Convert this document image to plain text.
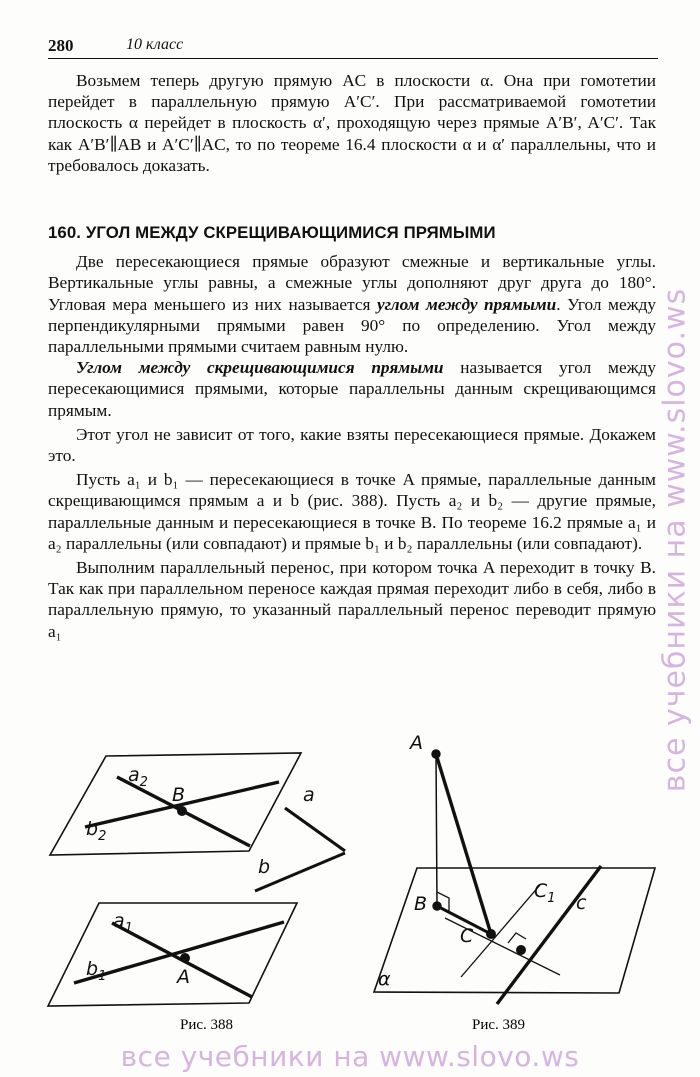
280	10 класс

Возьмем теперь другую прямую AC в плоскости α. Она при гомотетии перейдет в параллельную прямую A′C′. При рассматриваемой гомотетии плоскость α перейдет в плоскость α′, проходящую через прямые A′B′, A′C′. Так как A′B′∥AB и A′C′∥AC, то по теореме 16.4 плоскости α и α′ параллельны, что и требовалось доказать.

160. УГОЛ МЕЖДУ СКРЕЩИВАЮЩИМИСЯ ПРЯМЫМИ

Две пересекающиеся прямые образуют смежные и вертикальные углы. Вертикальные углы равны, а смежные углы дополняют друг друга до 180°. Угловая мера меньшего из них называется углом между прямыми. Угол между перпендикулярными прямыми равен 90° по определению. Угол между параллельными прямыми считаем равным нулю.

Углом между скрещивающимися прямыми называется угол между пересекающимися прямыми, которые параллельны данным скрещивающимся прямым.

Этот угол не зависит от того, какие взяты пересекающиеся прямые. Докажем это.

Пусть a₁ и b₁ — пересекающиеся в точке A прямые, параллельные данным скрещивающимся прямым a и b (рис. 388). Пусть a₂ и b₂ — другие прямые, параллельные данным и пересекающиеся в точке B. По теореме 16.2 прямые a₁ и a₂ параллельны (или совпадают) и прямые b₁ и b₂ параллельны (или совпадают).

Выполним параллельный перенос, при котором точка A переходит в точку B. Так как при параллельном переносе каждая прямая переходит либо в себя, либо в параллельную прямую, то указанный параллельный перенос переводит прямую a₁

$a_2$
B
$b_2$
a
b
$a_1$
$b_1$	A
Рис. 388
A
B
C
$C_1$ c
α
Рис. 389
все учебники на www.slovo.ws
все учебники на www.slovo.ws
